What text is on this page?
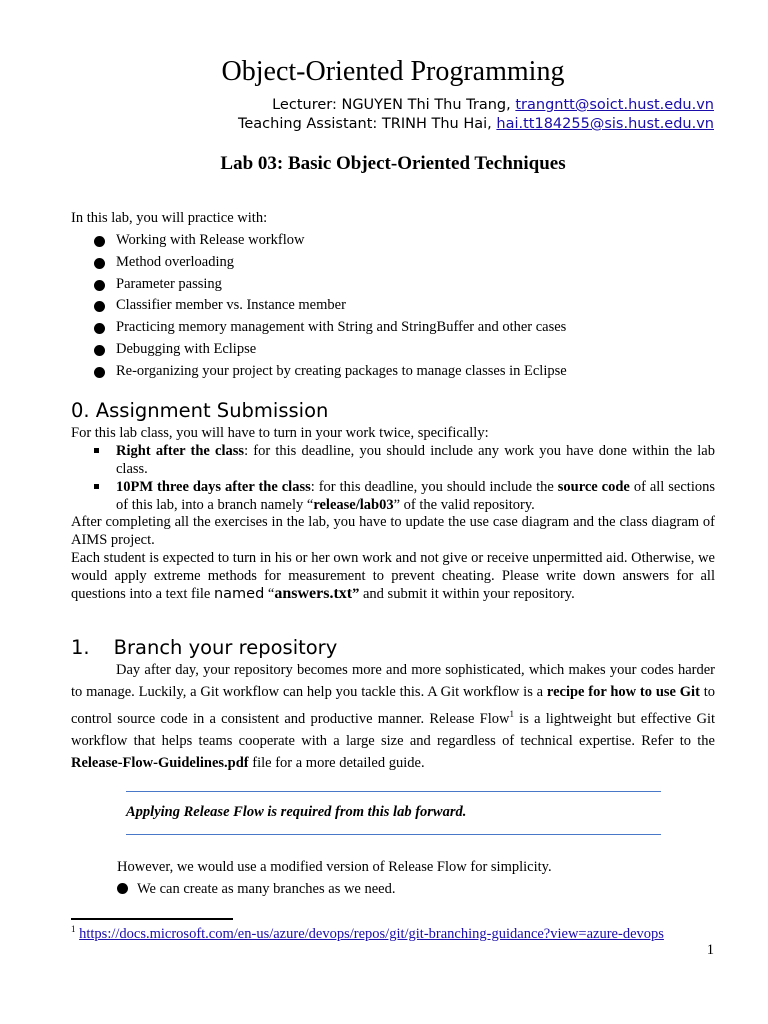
Object-Oriented Programming
Lecturer: NGUYEN Thi Thu Trang, trangntt@soict.hust.edu.vn
Teaching Assistant: TRINH Thu Hai, hai.tt184255@sis.hust.edu.vn
Lab 03: Basic Object-Oriented Techniques
In this lab, you will practice with:
Working with Release workflow
Method overloading
Parameter passing
Classifier member vs. Instance member
Practicing memory management with String and StringBuffer and other cases
Debugging with Eclipse
Re-organizing your project by creating packages to manage classes in Eclipse
0. Assignment Submission
For this lab class, you will have to turn in your work twice, specifically:
Right after the class: for this deadline, you should include any work you have done within the lab class.
10PM three days after the class: for this deadline, you should include the source code of all sections of this lab, into a branch namely “release/lab03” of the valid repository.
After completing all the exercises in the lab, you have to update the use case diagram and the class diagram of AIMS project.
Each student is expected to turn in his or her own work and not give or receive unpermitted aid. Otherwise, we would apply extreme methods for measurement to prevent cheating. Please write down answers for all questions into a text file named “answers.txt” and submit it within your repository.
1. Branch your repository
Day after day, your repository becomes more and more sophisticated, which makes your codes harder to manage. Luckily, a Git workflow can help you tackle this. A Git workflow is a recipe for how to use Git to control source code in a consistent and productive manner. Release Flow$^1$ is a lightweight but effective Git workflow that helps teams cooperate with a large size and regardless of technical expertise. Refer to the Release-Flow-Guidelines.pdf file for a more detailed guide.
Applying Release Flow is required from this lab forward.
However, we would use a modified version of Release Flow for simplicity.
We can create as many branches as we need.
$^1$ https://docs.microsoft.com/en-us/azure/devops/repos/git/git-branching-guidance?view=azure-devops
1
